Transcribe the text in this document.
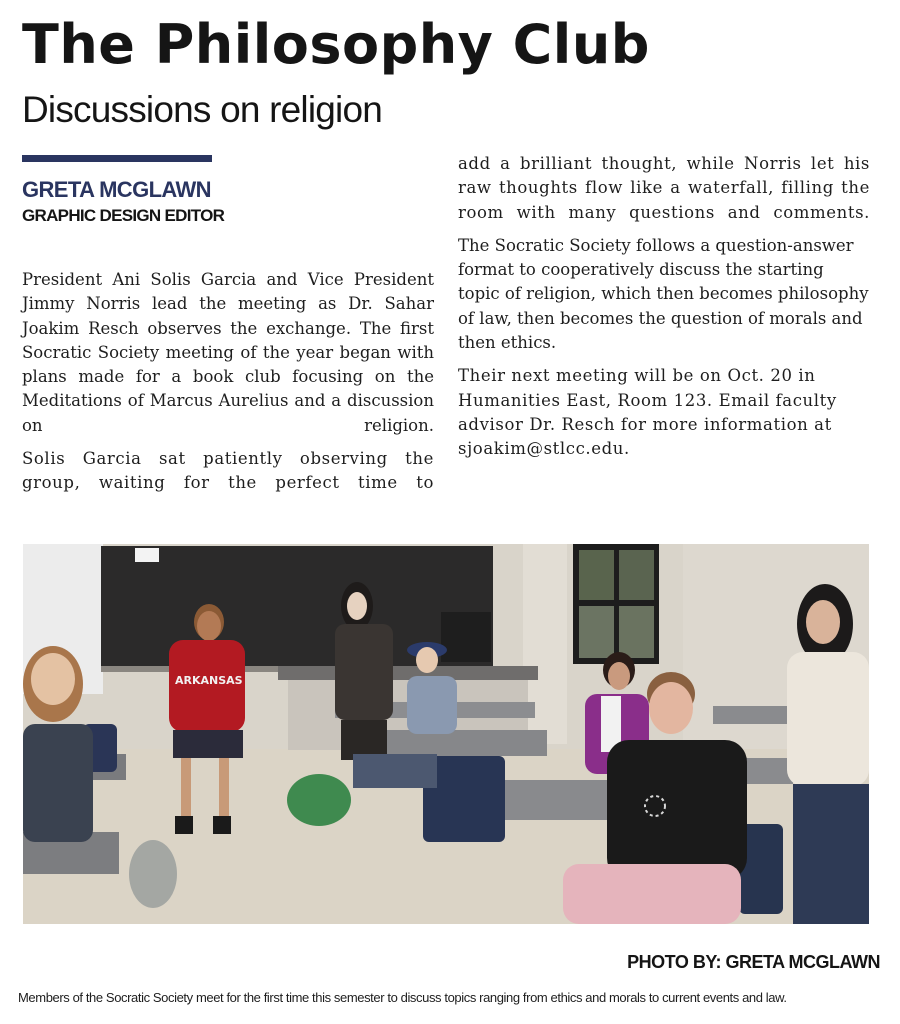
The Philosophy Club
Discussions on religion
GRETA MCGLAWN
GRAPHIC DESIGN EDITOR

President Ani Solis Garcia and Vice President Jimmy Norris lead the meeting as Dr. Sahar Joakim Resch observes the exchange. The first Socratic Society meeting of the year began with plans made for a book club focusing on the Meditations of Marcus Aurelius and a discussion on religion.

Solis Garcia sat patiently observing the group, waiting for the perfect time to

add a brilliant thought, while Norris let his raw thoughts flow like a waterfall, filling the room with many questions and comments.

The Socratic Society follows a question-answer format to cooperatively discuss the starting topic of religion, which then becomes philosophy of law, then becomes the question of morals and then ethics.

Their next meeting will be on Oct. 20 in Humanities East, Room 123. Email faculty advisor Dr. Resch for more information at sjoakim@stlcc.edu.

ARKANSAS
PHOTO BY: GRETA MCGLAWN
Members of the Socratic Society meet for the first time this semester to discuss topics ranging from ethics and morals to current events and law.
